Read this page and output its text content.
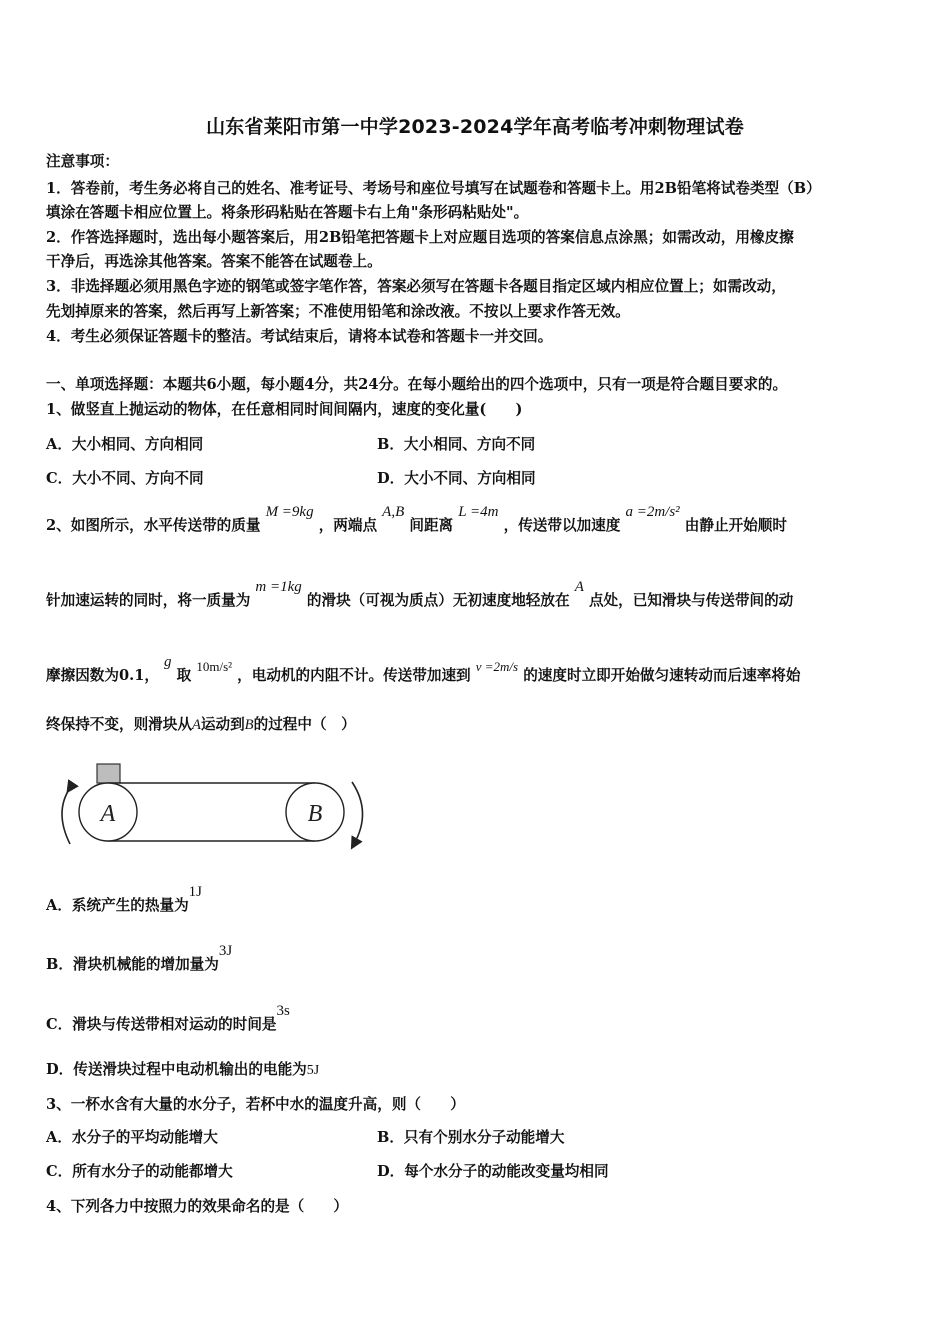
山东省莱阳市第一中学2023-2024学年高考临考冲刺物理试卷
注意事项：
1．答卷前，考生务必将自己的姓名、准考证号、考场号和座位号填写在试题卷和答题卡上。用2B铅笔将试卷类型（B）
填涂在答题卡相应位置上。将条形码粘贴在答题卡右上角"条形码粘贴处"。
2．作答选择题时，选出每小题答案后，用2B铅笔把答题卡上对应题目选项的答案信息点涂黑；如需改动，用橡皮擦
干净后，再选涂其他答案。答案不能答在试题卷上。
3．非选择题必须用黑色字迹的钢笔或签字笔作答，答案必须写在答题卡各题目指定区域内相应位置上；如需改动，
先划掉原来的答案，然后再写上新答案；不准使用铅笔和涂改液。不按以上要求作答无效。
4．考生必须保证答题卡的整洁。考试结束后，请将本试卷和答题卡一并交回。
一、单项选择题：本题共6小题，每小题4分，共24分。在每小题给出的四个选项中，只有一项是符合题目要求的。
1、做竖直上抛运动的物体，在任意相同时间间隔内，速度的变化量(　　)
A．大小相同、方向相同	B．大小相同、方向不同
C．大小不同、方向不同	D．大小不同、方向相同
2、如图所示，水平传送带的质量 M =9kg ，两端点 A,B 间距离 L =4m ，传送带以加速度 a =2m/s² 由静止开始顺时
针加速运转的同时，将一质量为 m =1kg 的滑块（可视为质点）无初速度地轻放在 A 点处，已知滑块与传送带间的动
摩擦因数为0.1， g 取 10m/s² ，电动机的内阻不计。传送带加速到 v =2m/s 的速度时立即开始做匀速转动而后速率将始
终保持不变，则滑块从A运动到B的过程中（　）
A	B
A．系统产生的热量为1J
B．滑块机械能的增加量为3J
C．滑块与传送带相对运动的时间是3s
D．传送滑块过程中电动机输出的电能为5J
3、一杯水含有大量的水分子，若杯中水的温度升高，则（　　）
A．水分子的平均动能增大	B．只有个别水分子动能增大
C．所有水分子的动能都增大	D．每个水分子的动能改变量均相同
4、下列各力中按照力的效果命名的是（　　）
